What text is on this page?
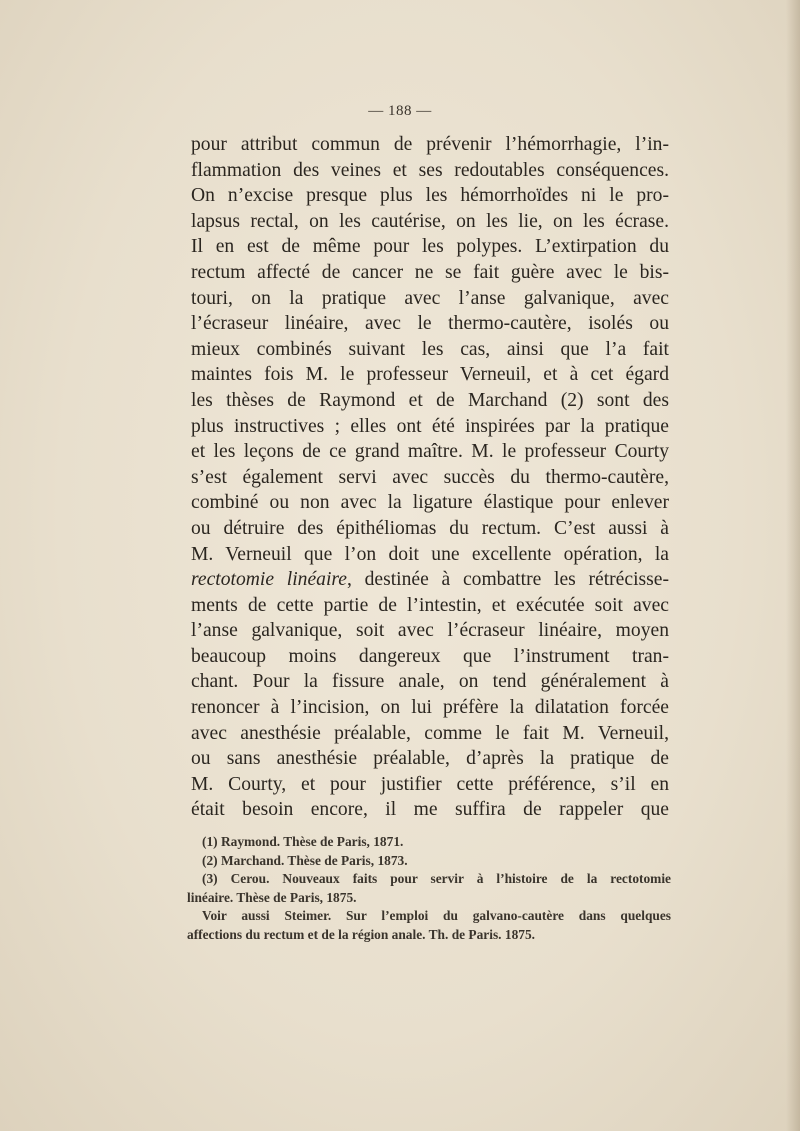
— 188 —
pour attribut commun de prévenir l’hémorrhagie, l’in-
flammation des veines et ses redoutables conséquences.
On n’excise presque plus les hémorrhoïdes ni le pro-
lapsus rectal, on les cautérise, on les lie, on les écrase.
Il en est de même pour les polypes. L’extirpation du
rectum affecté de cancer ne se fait guère avec le bis-
touri, on la pratique avec l’anse galvanique, avec
l’écraseur linéaire, avec le thermo-cautère, isolés ou
mieux combinés suivant les cas, ainsi que l’a fait
maintes fois M. le professeur Verneuil, et à cet égard
les thèses de Raymond et de Marchand (2) sont des
plus instructives ; elles ont été inspirées par la pratique
et les leçons de ce grand maître. M. le professeur Courty
s’est également servi avec succès du thermo-cautère,
combiné ou non avec la ligature élastique pour enlever
ou détruire des épithéliomas du rectum. C’est aussi à
M. Verneuil que l’on doit une excellente opération, la
rectotomie linéaire, destinée à combattre les rétrécisse-
ments de cette partie de l’intestin, et exécutée soit avec
l’anse galvanique, soit avec l’écraseur linéaire, moyen
beaucoup moins dangereux que l’instrument tran-
chant. Pour la fissure anale, on tend généralement à
renoncer à l’incision, on lui préfère la dilatation forcée
avec anesthésie préalable, comme le fait M. Verneuil,
ou sans anesthésie préalable, d’après la pratique de
M. Courty, et pour justifier cette préférence, s’il en
était besoin encore, il me suffira de rappeler que
(1) Raymond. Thèse de Paris, 1871.
(2) Marchand. Thèse de Paris, 1873.
(3) Cerou. Nouveaux faits pour servir à l’histoire de la rectotomie
linéaire. Thèse de Paris, 1875.
Voir aussi Steimer. Sur l’emploi du galvano-cautère dans quelques
affections du rectum et de la région anale. Th. de Paris. 1875.
